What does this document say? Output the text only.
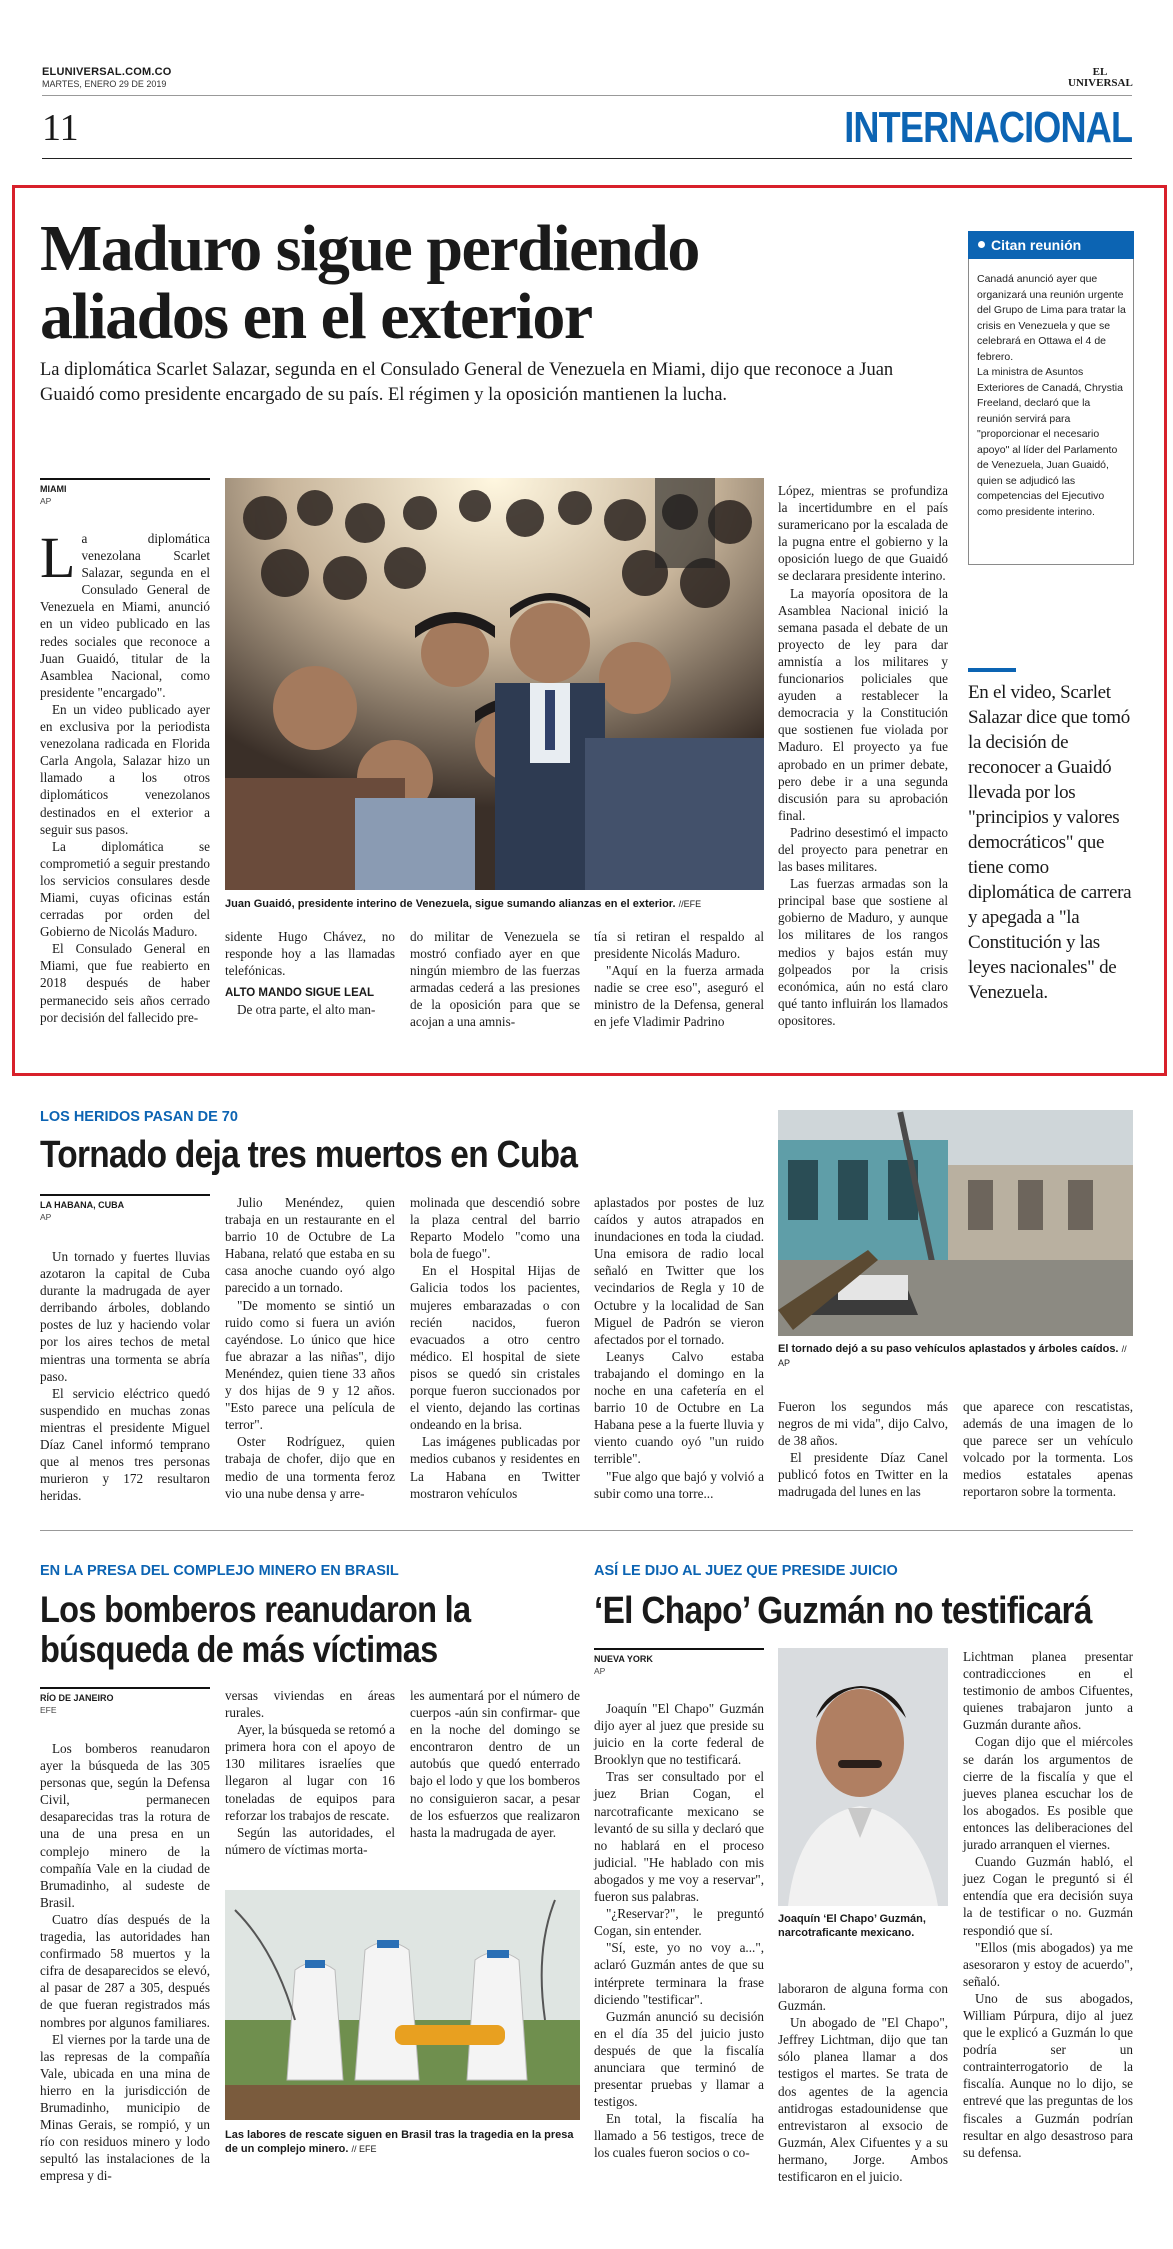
ELUNIVERSAL.COM.CO
MARTES, ENERO 29 DE 2019
EL
UNIVERSAL
11	INTERNACIONAL
Maduro sigue perdiendo
aliados en el exterior
La diplomática Scarlet Salazar, segunda en el Consulado General de Venezuela en Miami, dijo que reconoce a Juan Guaidó como presidente encargado de su país. El régimen y la oposición mantienen la lucha.
MIAMI
AP

La diplomática venezolana Scarlet Salazar, segunda en el Consulado General de Venezuela en Miami, anunció en un video publicado en las redes sociales que reconoce a Juan Guaidó, titular de la Asamblea Nacional, como presidente "encargado".

En un video publicado ayer en exclusiva por la periodista venezolana radicada en Florida Carla Angola, Salazar hizo un llamado a los otros diplomáticos venezolanos destinados en el exterior a seguir sus pasos.

La diplomática se comprometió a seguir prestando los servicios consulares desde Miami, cuyas oficinas están cerradas por orden del Gobierno de Nicolás Maduro.

El Consulado General en Miami, que fue reabierto en 2018 después de haber permanecido seis años cerrado por decisión del fallecido pre-

Juan Guaidó, presidente interino de Venezuela, sigue sumando alianzas en el exterior. //EFE

sidente Hugo Chávez, no responde hoy a las llamadas telefónicas.

ALTO MANDO SIGUE LEAL

De otra parte, el alto man-

do militar de Venezuela se mostró confiado ayer en que ningún miembro de las fuerzas armadas cederá a las presiones de la oposición para que se acojan a una amnis-

tía si retiran el respaldo al presidente Nicolás Maduro.

"Aquí en la fuerza armada nadie se cree eso", aseguró el ministro de la Defensa, general en jefe Vladimir Padrino

López, mientras se profundiza la incertidumbre en el país suramericano por la escalada de la pugna entre el gobierno y la oposición luego de que Guaidó se declarara presidente interino.

La mayoría opositora de la Asamblea Nacional inició la semana pasada el debate de un proyecto de ley para dar amnistía a los militares y funcionarios policiales que ayuden a restablecer la democracia y la Constitución que sostienen fue violada por Maduro. El proyecto ya fue aprobado en un primer debate, pero debe ir a una segunda discusión para su aprobación final.

Padrino desestimó el impacto del proyecto para penetrar en las bases militares.

Las fuerzas armadas son la principal base que sostiene al gobierno de Maduro, y aunque los militares de los rangos medios y bajos están muy golpeados por la crisis económica, aún no está claro qué tanto influirán los llamados opositores.

Citan reunión

Canadá anunció ayer que organizará una reunión urgente del Grupo de Lima para tratar la crisis en Venezuela y que se celebrará en Ottawa el 4 de febrero.

La ministra de Asuntos Exteriores de Canadá, Chrystia Freeland, declaró que la reunión servirá para "proporcionar el necesario apoyo" al líder del Parlamento de Venezuela, Juan Guaidó, quien se adjudicó las competencias del Ejecutivo como presidente interino.

En el video, Scarlet Salazar dice que tomó la decisión de reconocer a Guaidó llevada por los "principios y valores democráticos" que tiene como diplomática de carrera y apegada a "la Constitución y las leyes nacionales" de Venezuela.
LOS HERIDOS PASAN DE 70
Tornado deja tres muertos en Cuba
LA HABANA, CUBA
AP

Un tornado y fuertes lluvias azotaron la capital de Cuba durante la madrugada de ayer derribando árboles, doblando postes de luz y haciendo volar por los aires techos de metal mientras una tormenta se abría paso.

El servicio eléctrico quedó suspendido en muchas zonas mientras el presidente Miguel Díaz Canel informó temprano que al menos tres personas murieron y 172 resultaron heridas.

Julio Menéndez, quien trabaja en un restaurante en el barrio 10 de Octubre de La Habana, relató que estaba en su casa anoche cuando oyó algo parecido a un tornado.

"De momento se sintió un ruido como si fuera un avión cayéndose. Lo único que hice fue abrazar a las niñas", dijo Menéndez, quien tiene 33 años y dos hijas de 9 y 12 años. "Esto parece una película de terror".

Oster Rodríguez, quien trabaja de chofer, dijo que en medio de una tormenta feroz vio una nube densa y arre-

molinada que descendió sobre la plaza central del barrio Reparto Modelo "como una bola de fuego".

En el Hospital Hijas de Galicia todos los pacientes, mujeres embarazadas o con recién nacidos, fueron evacuados a otro centro médico. El hospital de siete pisos se quedó sin cristales porque fueron succionados por el viento, dejando las cortinas ondeando en la brisa.

Las imágenes publicadas por medios cubanos y residentes en La Habana en Twitter mostraron vehículos

aplastados por postes de luz caídos y autos atrapados en inundaciones en toda la ciudad. Una emisora de radio local señaló en Twitter que los vecindarios de Regla y 10 de Octubre y la localidad de San Miguel de Padrón se vieron afectados por el tornado.

Leanys Calvo estaba trabajando el domingo en la noche en una cafetería en el barrio 10 de Octubre en La Habana pese a la fuerte lluvia y viento cuando oyó "un ruido terrible".

"Fue algo que bajó y volvió a subir como una torre...

El tornado dejó a su paso vehículos aplastados y árboles caídos. // AP

Fueron los segundos más negros de mi vida", dijo Calvo, de 38 años.

El presidente Díaz Canel publicó fotos en Twitter en la madrugada del lunes en las

que aparece con rescatistas, además de una imagen de lo que parece ser un vehículo volcado por la tormenta. Los medios estatales apenas reportaron sobre la tormenta.

EN LA PRESA DEL COMPLEJO MINERO EN BRASIL
Los bomberos reanudaron la
búsqueda de más víctimas
RÍO DE JANEIRO
EFE

Los bomberos reanudaron ayer la búsqueda de las 305 personas que, según la Defensa Civil, permanecen desaparecidas tras la rotura de una de una presa en un complejo minero de la compañía Vale en la ciudad de Brumadinho, al sudeste de Brasil.

Cuatro días después de la tragedia, las autoridades han confirmado 58 muertos y la cifra de desaparecidos se elevó, al pasar de 287 a 305, después de que fueran registrados más nombres por algunos familiares.

El viernes por la tarde una de las represas de la compañía Vale, ubicada en una mina de hierro en la jurisdicción de Brumadinho, municipio de Minas Gerais, se rompió, y un río con residuos minero y lodo sepultó las instalaciones de la empresa y di-

versas viviendas en áreas rurales.

Ayer, la búsqueda se retomó a primera hora con el apoyo de 130 militares israelíes que llegaron al lugar con 16 toneladas de equipos para reforzar los trabajos de rescate.

Según las autoridades, el número de víctimas morta-

les aumentará por el número de cuerpos -aún sin confirmar- que en la noche del domingo se encontraron dentro de un autobús que quedó enterrado bajo el lodo y que los bomberos no consiguieron sacar, a pesar de los esfuerzos que realizaron hasta la madrugada de ayer.

Las labores de rescate siguen en Brasil tras la tragedia en la presa de un complejo minero. // EFE
ASÍ LE DIJO AL JUEZ QUE PRESIDE JUICIO
‘El Chapo’ Guzmán no testificará
NUEVA YORK
AP

Joaquín "El Chapo" Guzmán dijo ayer al juez que preside su juicio en la corte federal de Brooklyn que no testificará.

Tras ser consultado por el juez Brian Cogan, el narcotraficante mexicano se levantó de su silla y declaró que no hablará en el proceso judicial. "He hablado con mis abogados y me voy a reservar", fueron sus palabras.

"¿Reservar?", le preguntó Cogan, sin entender.

"Sí, este, yo no voy a...", aclaró Guzmán antes de que su intérprete terminara la frase diciendo "testificar".

Guzmán anunció su decisión en el día 35 del juicio justo después de que la fiscalía anunciara que terminó de presentar pruebas y llamar a testigos.

En total, la fiscalía ha llamado a 56 testigos, trece de los cuales fueron socios o co-

Joaquín ‘El Chapo’ Guzmán, narcotraficante mexicano.

laboraron de alguna forma con Guzmán.

Un abogado de "El Chapo", Jeffrey Lichtman, dijo que tan sólo planea llamar a dos testigos el martes. Se trata de dos agentes de la agencia antidrogas estadounidense que entrevistaron al exsocio de Guzmán, Alex Cifuentes y a su hermano, Jorge. Ambos testificaron en el juicio.

Lichtman planea presentar contradicciones en el testimonio de ambos Cifuentes, quienes trabajaron junto a Guzmán durante años.

Cogan dijo que el miércoles se darán los argumentos de cierre de la fiscalía y que el jueves planea escuchar los de los abogados. Es posible que entonces las deliberaciones del jurado arranquen el viernes.

Cuando Guzmán habló, el juez Cogan le preguntó si él entendía que era decisión suya la de testificar o no. Guzmán respondió que sí.

"Ellos (mis abogados) ya me asesoraron y estoy de acuerdo", señaló.

Uno de sus abogados, William Púrpura, dijo al juez que le explicó a Guzmán lo que podría ser un contrainterrogatorio de la fiscalía. Aunque no lo dijo, se entrevé que las preguntas de los fiscales a Guzmán podrían resultar en algo desastroso para su defensa.
